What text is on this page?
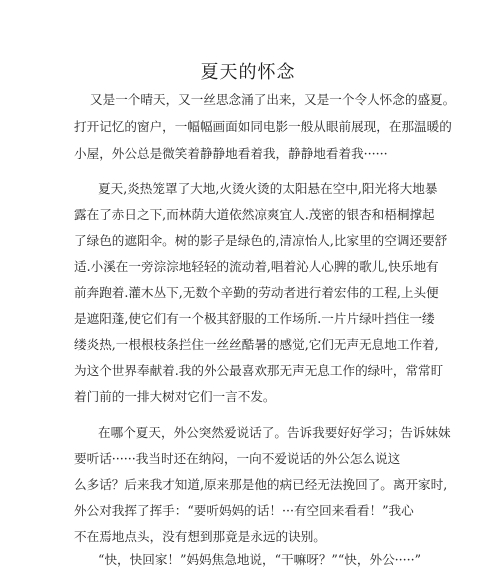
夏天的怀念
又是一个晴天，又一丝思念涌了出来，又是一个令人怀念的盛夏。
打开记忆的窗户，一幅幅画面如同电影一般从眼前展现，在那温暖的
小屋，外公总是微笑着静静地看着我，静静地看着我······
夏天,炎热笼罩了大地,火烫火烫的太阳悬在空中,阳光将大地暴
露在了赤日之下,而林荫大道依然凉爽宜人.茂密的银杏和梧桐撑起
了绿色的遮阳伞。树的影子是绿色的,清凉怡人,比家里的空调还要舒
适.小溪在一旁淙淙地轻轻的流动着,唱着沁人心脾的歌儿,快乐地有
前奔跑着.灌木丛下,无数个辛勤的劳动者进行着宏伟的工程,上头便
是遮阳蓬,使它们有一个极其舒服的工作场所.一片片绿叶挡住一缕
缕炎热,一根根枝条拦住一丝丝酷暑的感觉,它们无声无息地工作着,
为这个世界奉献着.我的外公最喜欢那无声无息工作的绿叶，常常盯
着门前的一排大树对它们一言不发。
在哪个夏天，外公突然爱说话了。告诉我要好好学习；告诉妹妹
要听话······我当时还在纳闷，一向不爱说话的外公怎么说这
么多话？后来我才知道,原来那是他的病已经无法挽回了。离开家时,
外公对我挥了挥手：“要听妈妈的话！···有空回来看看！”我心
不在焉地点头，没有想到那竟是永远的诀别。
“快，快回家！”妈妈焦急地说，“干嘛呀？”“快，外公·····”
